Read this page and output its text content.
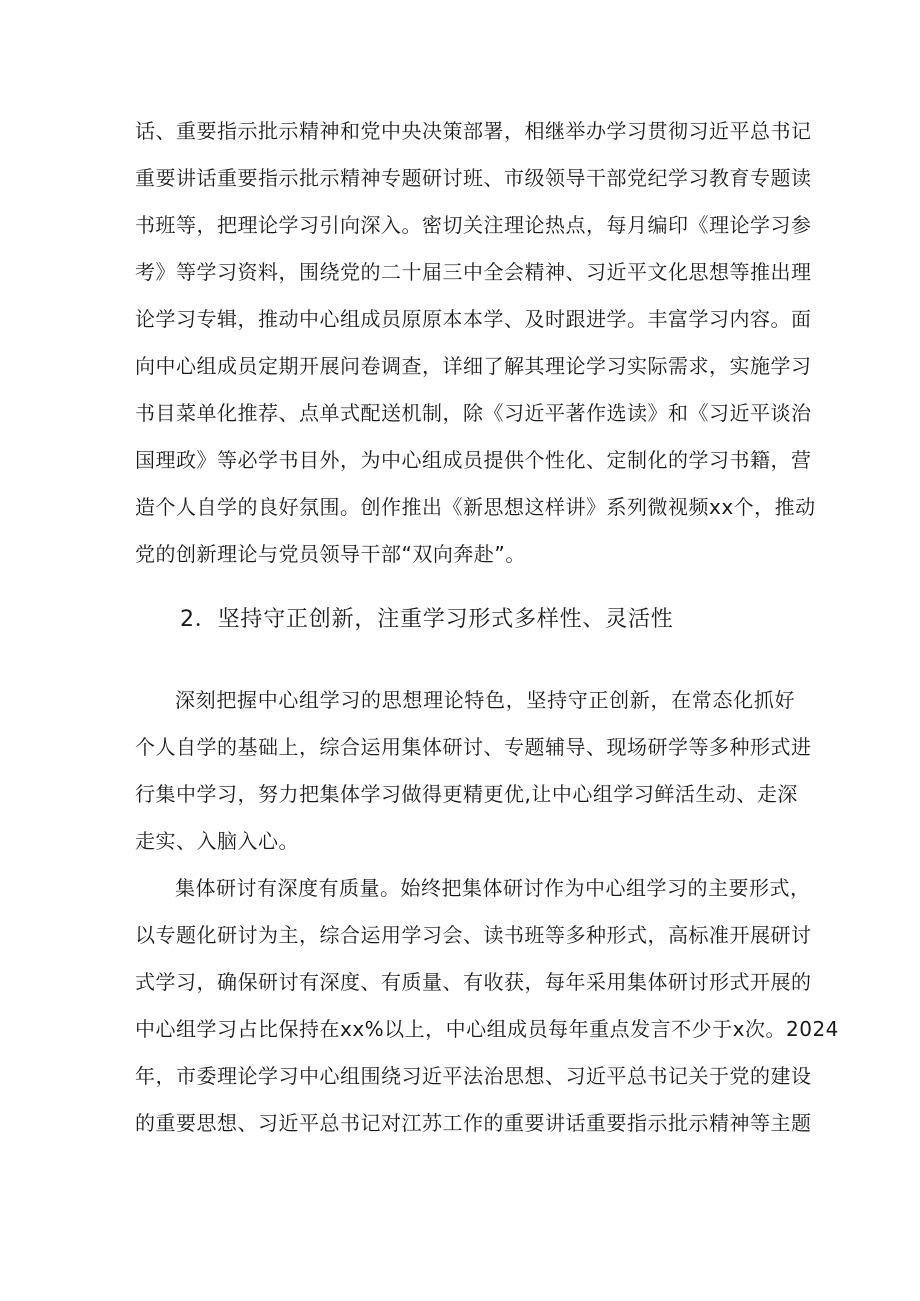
话、重要指示批示精神和党中央决策部署，相继举办学习贯彻习近平总书记
重要讲话重要指示批示精神专题研讨班、市级领导干部党纪学习教育专题读
书班等，把理论学习引向深入。密切关注理论热点，每月编印《理论学习参
考》等学习资料，围绕党的二十届三中全会精神、习近平文化思想等推出理
论学习专辑，推动中心组成员原原本本学、及时跟进学。丰富学习内容。面
向中心组成员定期开展问卷调查，详细了解其理论学习实际需求，实施学习
书目菜单化推荐、点单式配送机制，除《习近平著作选读》和《习近平谈治
国理政》等必学书目外，为中心组成员提供个性化、定制化的学习书籍，营
造个人自学的良好氛围。创作推出《新思想这样讲》系列微视频xx个，推动
党的创新理论与党员领导干部“双向奔赴”。

2．坚持守正创新，注重学习形式多样性、灵活性

深刻把握中心组学习的思想理论特色，坚持守正创新，在常态化抓好
个人自学的基础上，综合运用集体研讨、专题辅导、现场研学等多种形式进
行集中学习，努力把集体学习做得更精更优,让中心组学习鲜活生动、走深
走实、入脑入心。

集体研讨有深度有质量。始终把集体研讨作为中心组学习的主要形式，
以专题化研讨为主，综合运用学习会、读书班等多种形式，高标准开展研讨
式学习，确保研讨有深度、有质量、有收获，每年采用集体研讨形式开展的
中心组学习占比保持在xx%以上，中心组成员每年重点发言不少于x次。2024
年，市委理论学习中心组围绕习近平法治思想、习近平总书记关于党的建设
的重要思想、习近平总书记对江苏工作的重要讲话重要指示批示精神等主题
